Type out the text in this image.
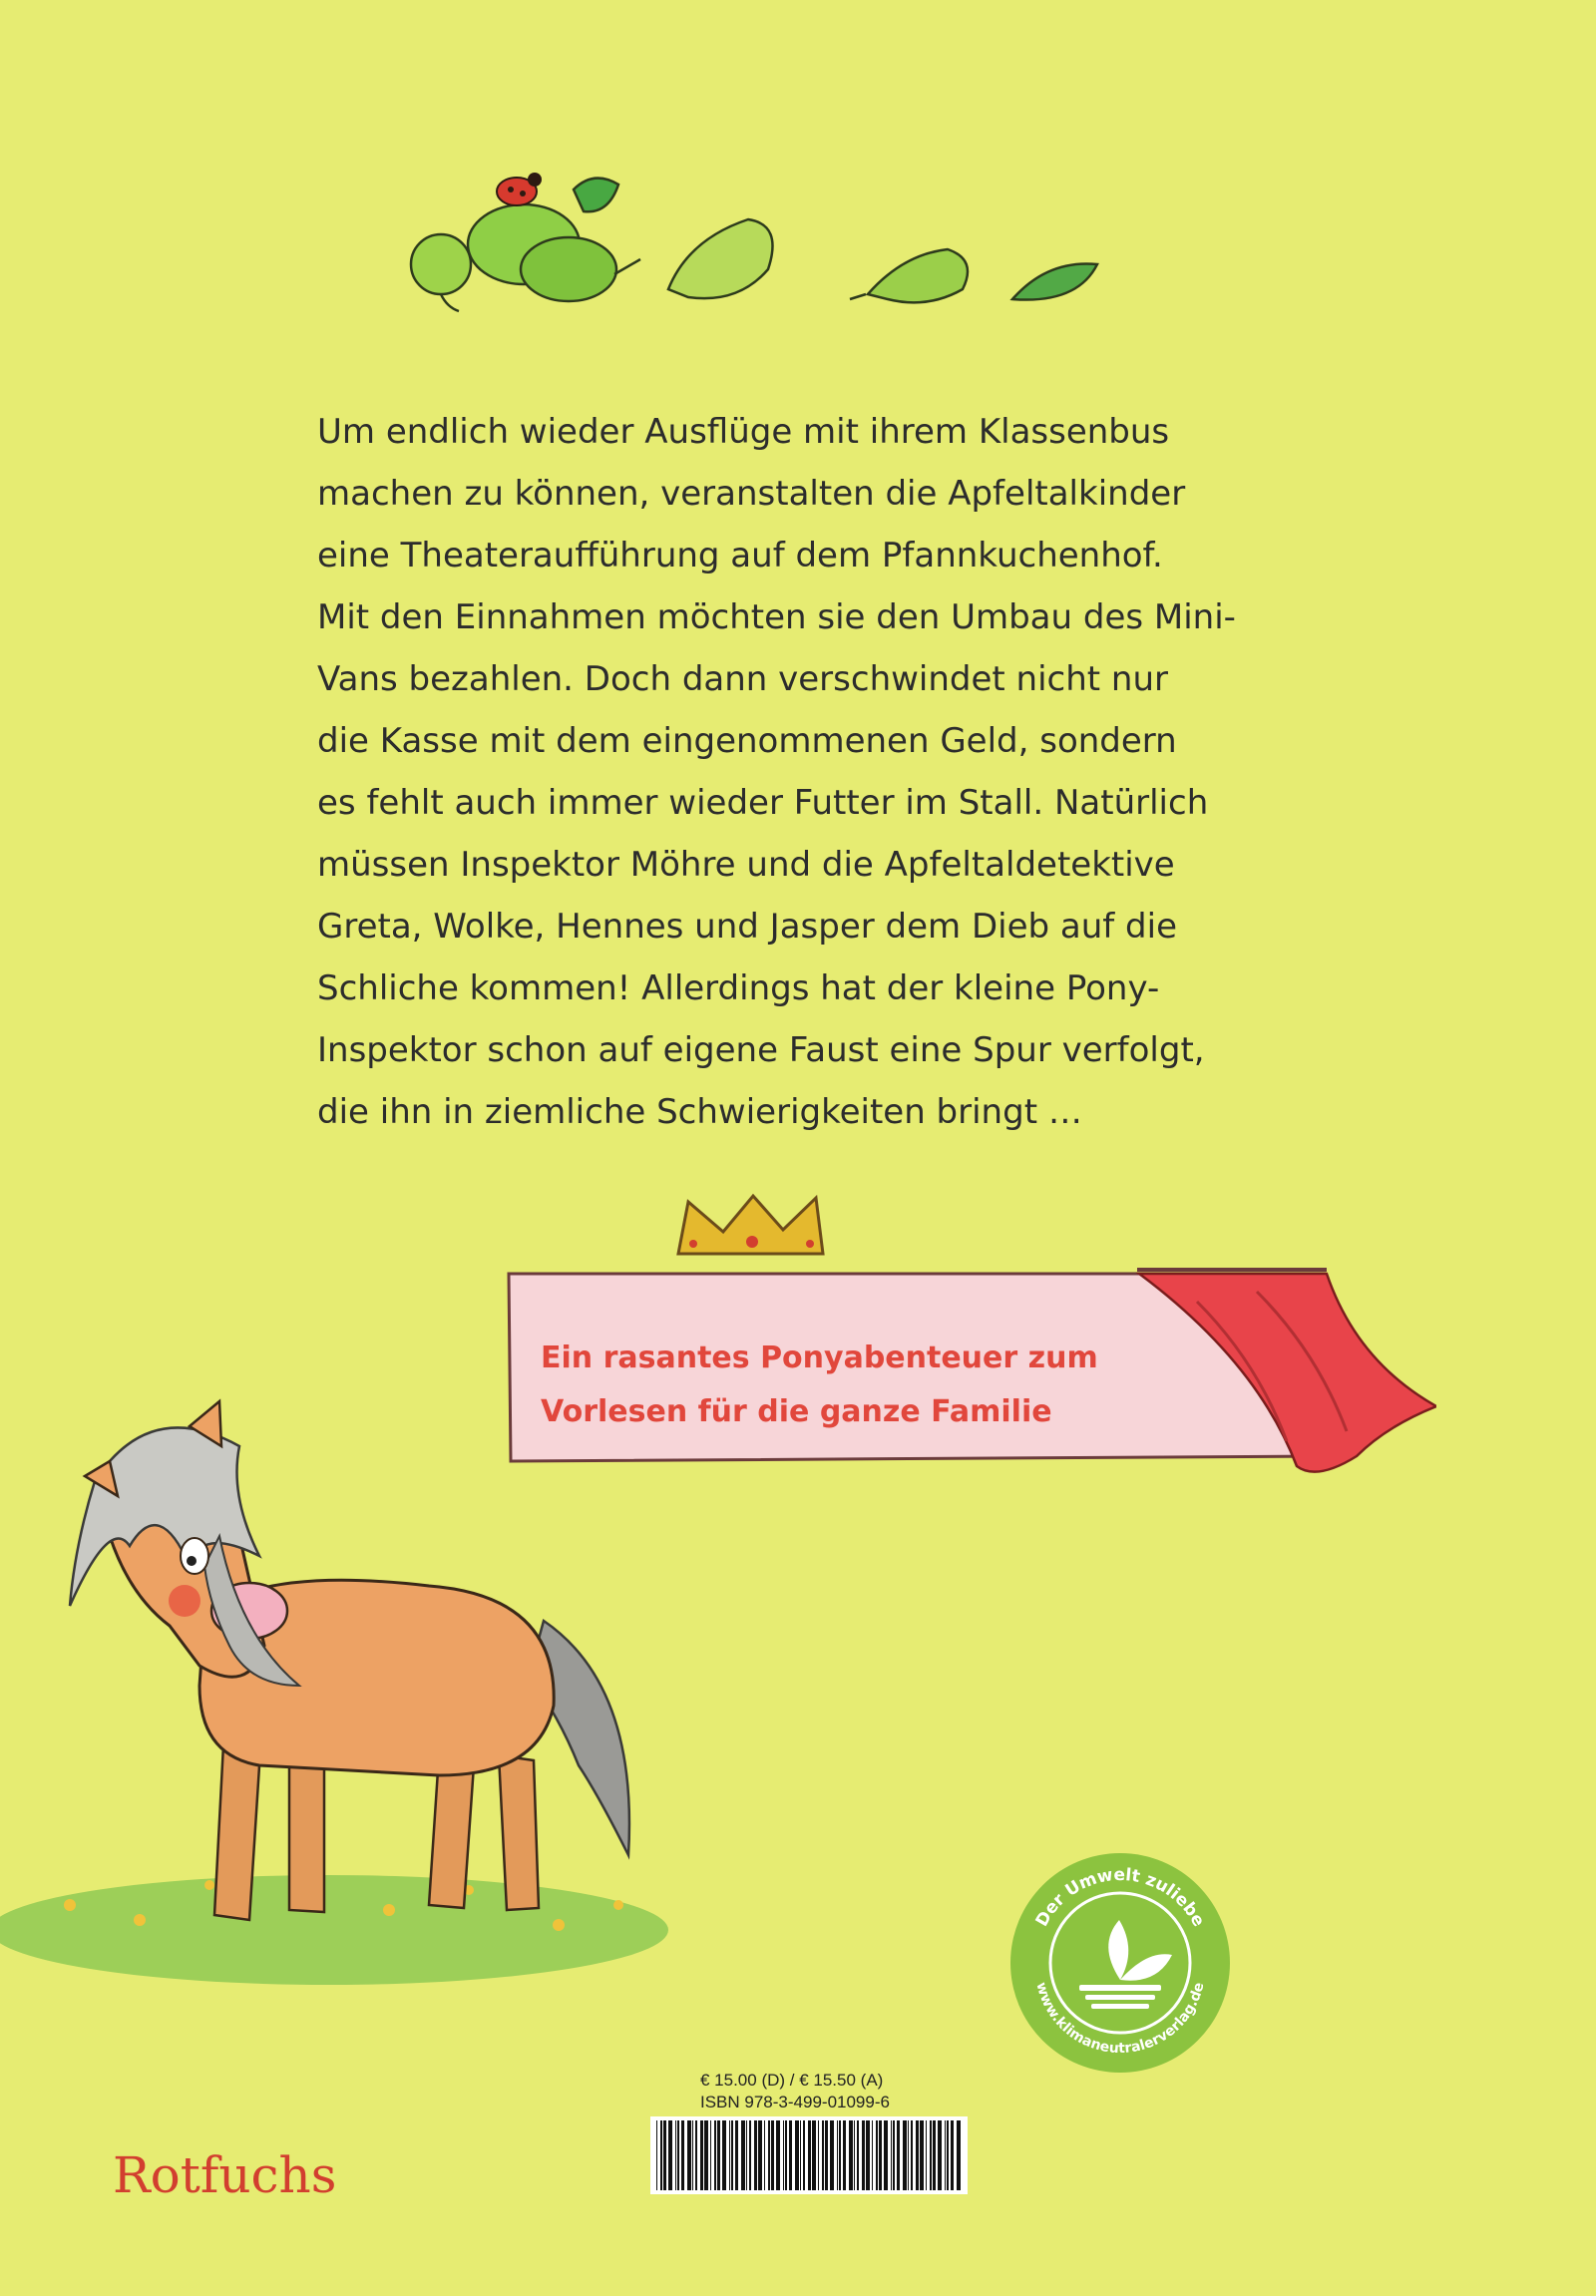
Um endlich wieder Ausflüge mit ihrem Klassenbus
machen zu können, veranstalten die Apfeltalkinder
eine Theateraufführung auf dem Pfannkuchenhof.
Mit den Einnahmen möchten sie den Umbau des Mini-
Vans bezahlen. Doch dann verschwindet nicht nur
die Kasse mit dem eingenommenen Geld, sondern
es fehlt auch immer wieder Futter im Stall. Natürlich
müssen Inspektor Möhre und die Apfeltaldetektive
Greta, Wolke, Hennes und Jasper dem Dieb auf die
Schliche kommen! Allerdings hat der kleine Pony-
Inspektor schon auf eigene Faust eine Spur verfolgt,
die ihn in ziemliche Schwierigkeiten bringt …
Ein rasantes Ponyabenteuer zum
Vorlesen für die ganze Familie
Der Umwelt zuliebe
www.klimaneutralerverlag.de
€ 15.00 (D) / € 15.50 (A)
ISBN 978-3-499-01099-6
Rotfuchs
